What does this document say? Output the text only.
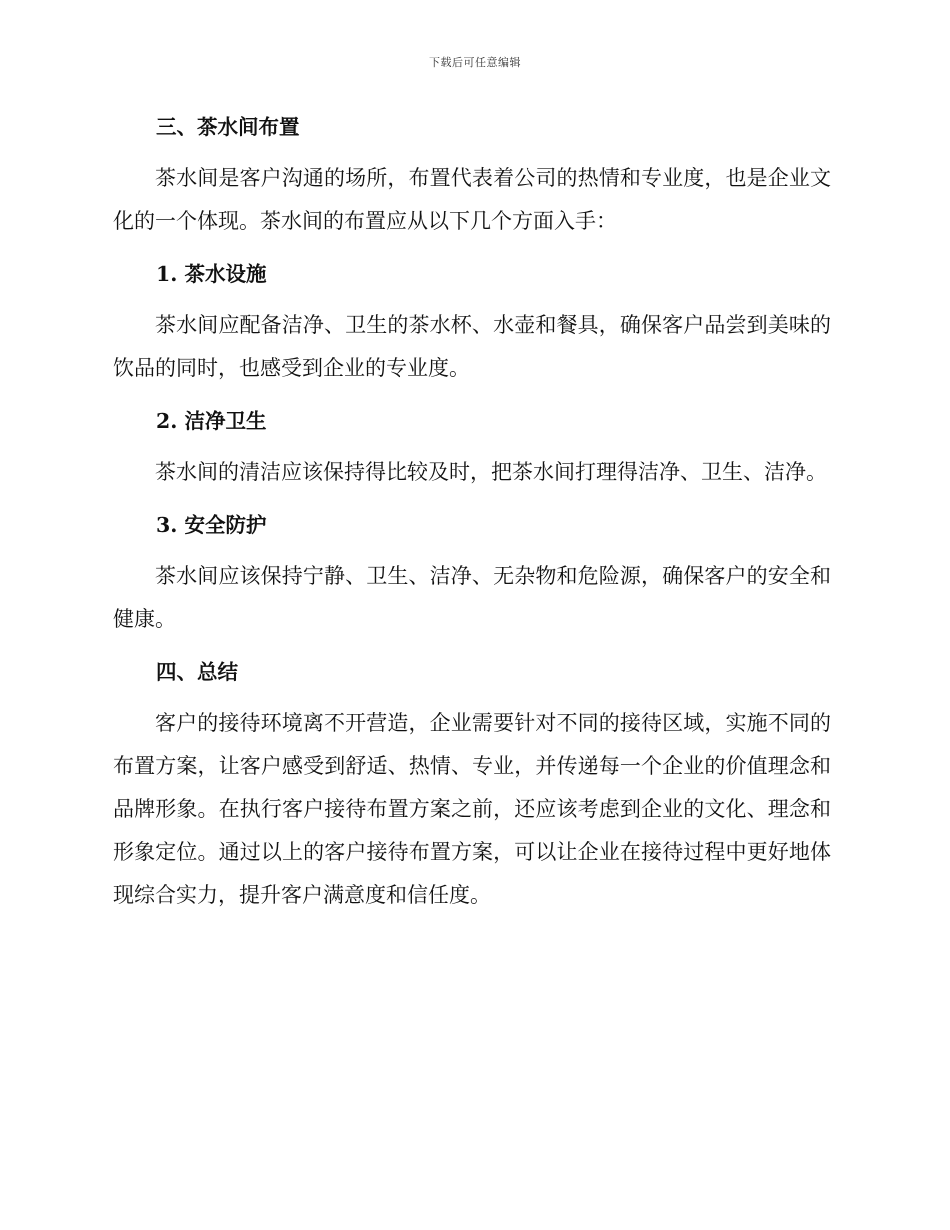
下载后可任意编辑
三、茶水间布置

茶水间是客户沟通的场所，布置代表着公司的热情和专业度，也是企业文化的一个体现。茶水间的布置应从以下几个方面入手：

1. 茶水设施

茶水间应配备洁净、卫生的茶水杯、水壶和餐具，确保客户品尝到美味的饮品的同时，也感受到企业的专业度。

2. 洁净卫生

茶水间的清洁应该保持得比较及时，把茶水间打理得洁净、卫生、洁净。

3. 安全防护

茶水间应该保持宁静、卫生、洁净、无杂物和危险源，确保客户的安全和健康。

四、总结

客户的接待环境离不开营造，企业需要针对不同的接待区域，实施不同的布置方案，让客户感受到舒适、热情、专业，并传递每一个企业的价值理念和品牌形象。在执行客户接待布置方案之前，还应该考虑到企业的文化、理念和形象定位。通过以上的客户接待布置方案，可以让企业在接待过程中更好地体现综合实力，提升客户满意度和信任度。
